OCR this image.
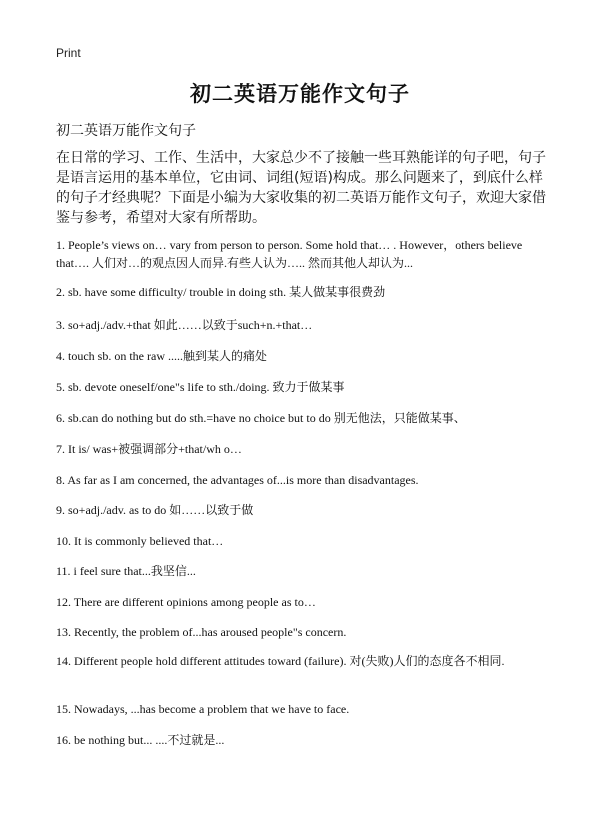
Print
初二英语万能作文句子
初二英语万能作文句子
在日常的学习、工作、生活中，大家总少不了接触一些耳熟能详的句子吧，句子是语言运用的基本单位，它由词、词组(短语)构成。那么问题来了，到底什么样的句子才经典呢？下面是小编为大家收集的初二英语万能作文句子，欢迎大家借鉴与参考，希望对大家有所帮助。
1. People’s views on… vary from person to person. Some hold that… . However，others believe that…. 人们对…的观点因人而异.有些人认为….. 然而其他人却认为...
2. sb. have some difficulty/ trouble in doing sth. 某人做某事很费劲
3. so+adj./adv.+that 如此……以致于such+n.+that…
4. touch sb. on the raw .....触到某人的痛处
5. sb. devote oneself/one"s life to sth./doing. 致力于做某事
6. sb.can do nothing but do sth.=have no choice but to do 别无他法，只能做某事、
7. It is/ was+被强调部分+that/wh o…
8. As far as I am concerned, the advantages of...is more than disadvantages.
9. so+adj./adv. as to do 如……以致于做
10. It is commonly believed that…
11. i feel sure that...我坚信...
12. There are different opinions among people as to…
13. Recently, the problem of...has aroused people"s concern.
14. Different people hold different attitudes toward (failure). 对(失败)人们的态度各不相同.
15. Nowadays, ...has become a problem that we have to face.
16. be nothing but... ....不过就是...
